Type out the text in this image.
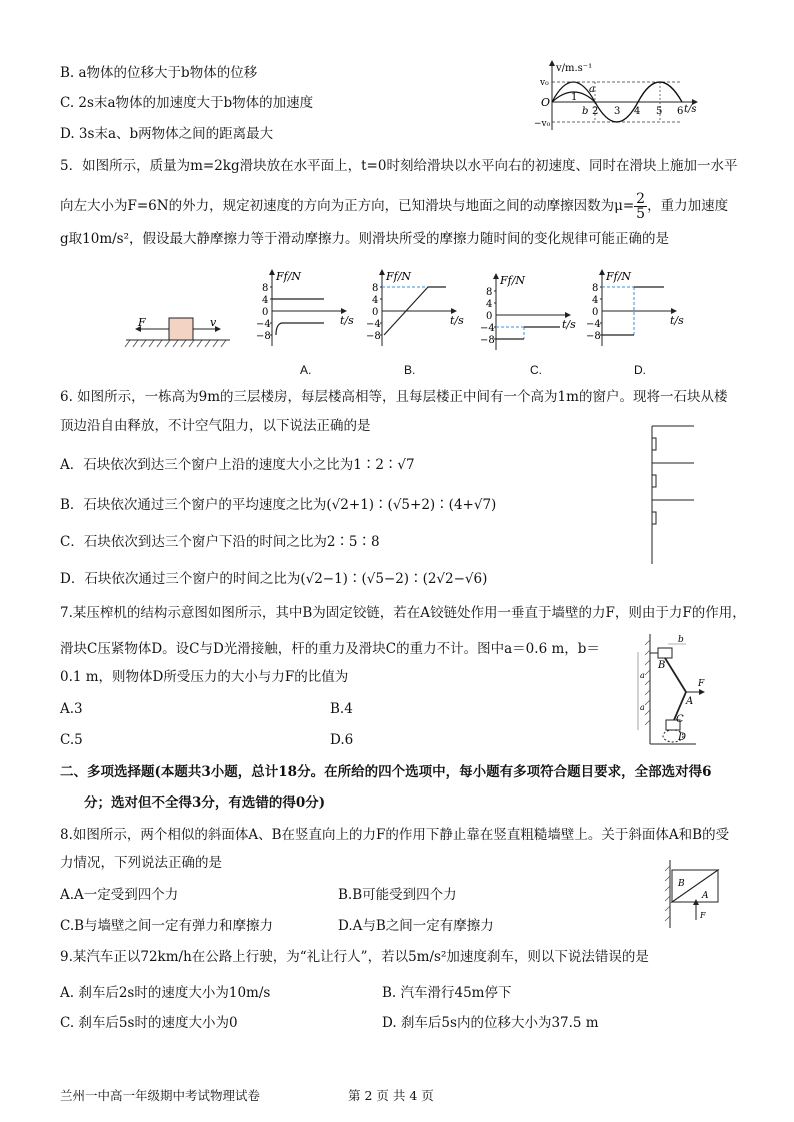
B. a物体的位移大于b物体的位移
C. 2s末a物体的加速度大于b物体的加速度
D. 3s末a、b两物体之间的距离最大
v/m.s⁻¹
v₀
−v₀
O
t/s
1
2 3 4 5 6
a
b
5．如图所示，质量为m=2kg滑块放在水平面上，t=0时刻给滑块以水平向右的初速度、同时在滑块上施加一水平
向左大小为F=6N的外力，规定初速度的方向为正方向，已知滑块与地面之间的动摩擦因数为$\mu= \frac{2}{5}$ ，重力加速度
g取10m/s²，假设最大静摩擦力等于滑动摩擦力。则滑块所受的摩擦力随时间的变化规律可能正确的是
F	v
Ff/N
t/s
8
4
0
−4
−8
A.
Ff/N
t/s
8
4
0
−4
−8
B.
Ff/N
t/s
8
4
0
−4
−8
C.
Ff/N
t/s
8
4
0
−4
−8
D.
6. 如图所示，一栋高为9m的三层楼房，每层楼高相等，且每层楼正中间有一个高为1m的窗户。现将一石块从楼
顶边沿自由释放，不计空气阻力，以下说法正确的是
A．石块依次到达三个窗户上沿的速度大小之比为1∶2∶√7
B．石块依次通过三个窗户的平均速度之比为(√2+1)∶(√5+2)∶(4+√7)
C．石块依次到达三个窗户下沿的时间之比为2∶5∶8
D．石块依次通过三个窗户的时间之比为(√2−1)∶(√5−2)∶(2√2−√6)
7.某压榨机的结构示意图如图所示，其中B为固定铰链，若在A铰链处作用一垂直于墙壁的力F，则由于力F的作用，
滑块C压紧物体D。设C与D光滑接触，杆的重力及滑块C的重力不计。图中a＝0.6 m，b＝
0.1 m，则物体D所受压力的大小与力F的比值为
A.3	B.4
C.5	D.6
b
B
F
A
C
D
a
a
二、多项选择题(本题共3小题，总计18分。在所给的四个选项中，每小题有多项符合题目要求，全部选对得6
分；选对但不全得3分，有选错的得0分)
8.如图所示，两个相似的斜面体A、B在竖直向上的力F的作用下静止靠在竖直粗糙墙壁上。关于斜面体A和B的受
力情况，下列说法正确的是
A.A一定受到四个力	B.B可能受到四个力
C.B与墙壁之间一定有弹力和摩擦力	D.A与B之间一定有摩擦力
B
A
F
9.某汽车正以72km/h在公路上行驶，为“礼让行人”，若以5m/s²加速度刹车，则以下说法错误的是
A. 刹车后2s时的速度大小为10m/s	B. 汽车滑行45m停下
C. 刹车后5s时的速度大小为0	D. 刹车后5s内的位移大小为37.5 m
兰州一中高一年级期中考试物理试卷	第 2 页 共 4 页
